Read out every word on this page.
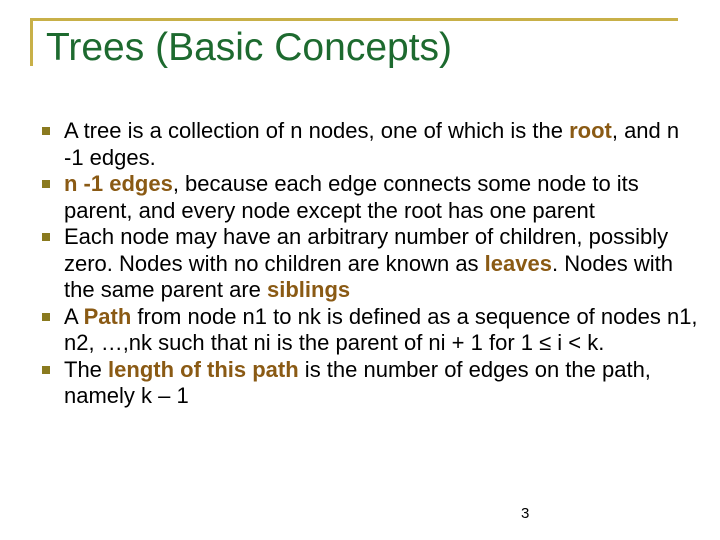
Trees (Basic Concepts)
A tree is a collection of n nodes, one of which is the root, and n -1 edges.
n -1 edges, because each edge connects some node to its parent, and every node except the root has one parent
Each node may have an arbitrary number of children, possibly zero. Nodes with no children are known as leaves. Nodes with the same parent are siblings
A Path from node n1 to nk is defined as a sequence of nodes n1, n2, …,nk such that ni is the parent of ni + 1 for 1 ≤ i < k.
The length of this path is the number of edges on the path, namely k – 1
3
